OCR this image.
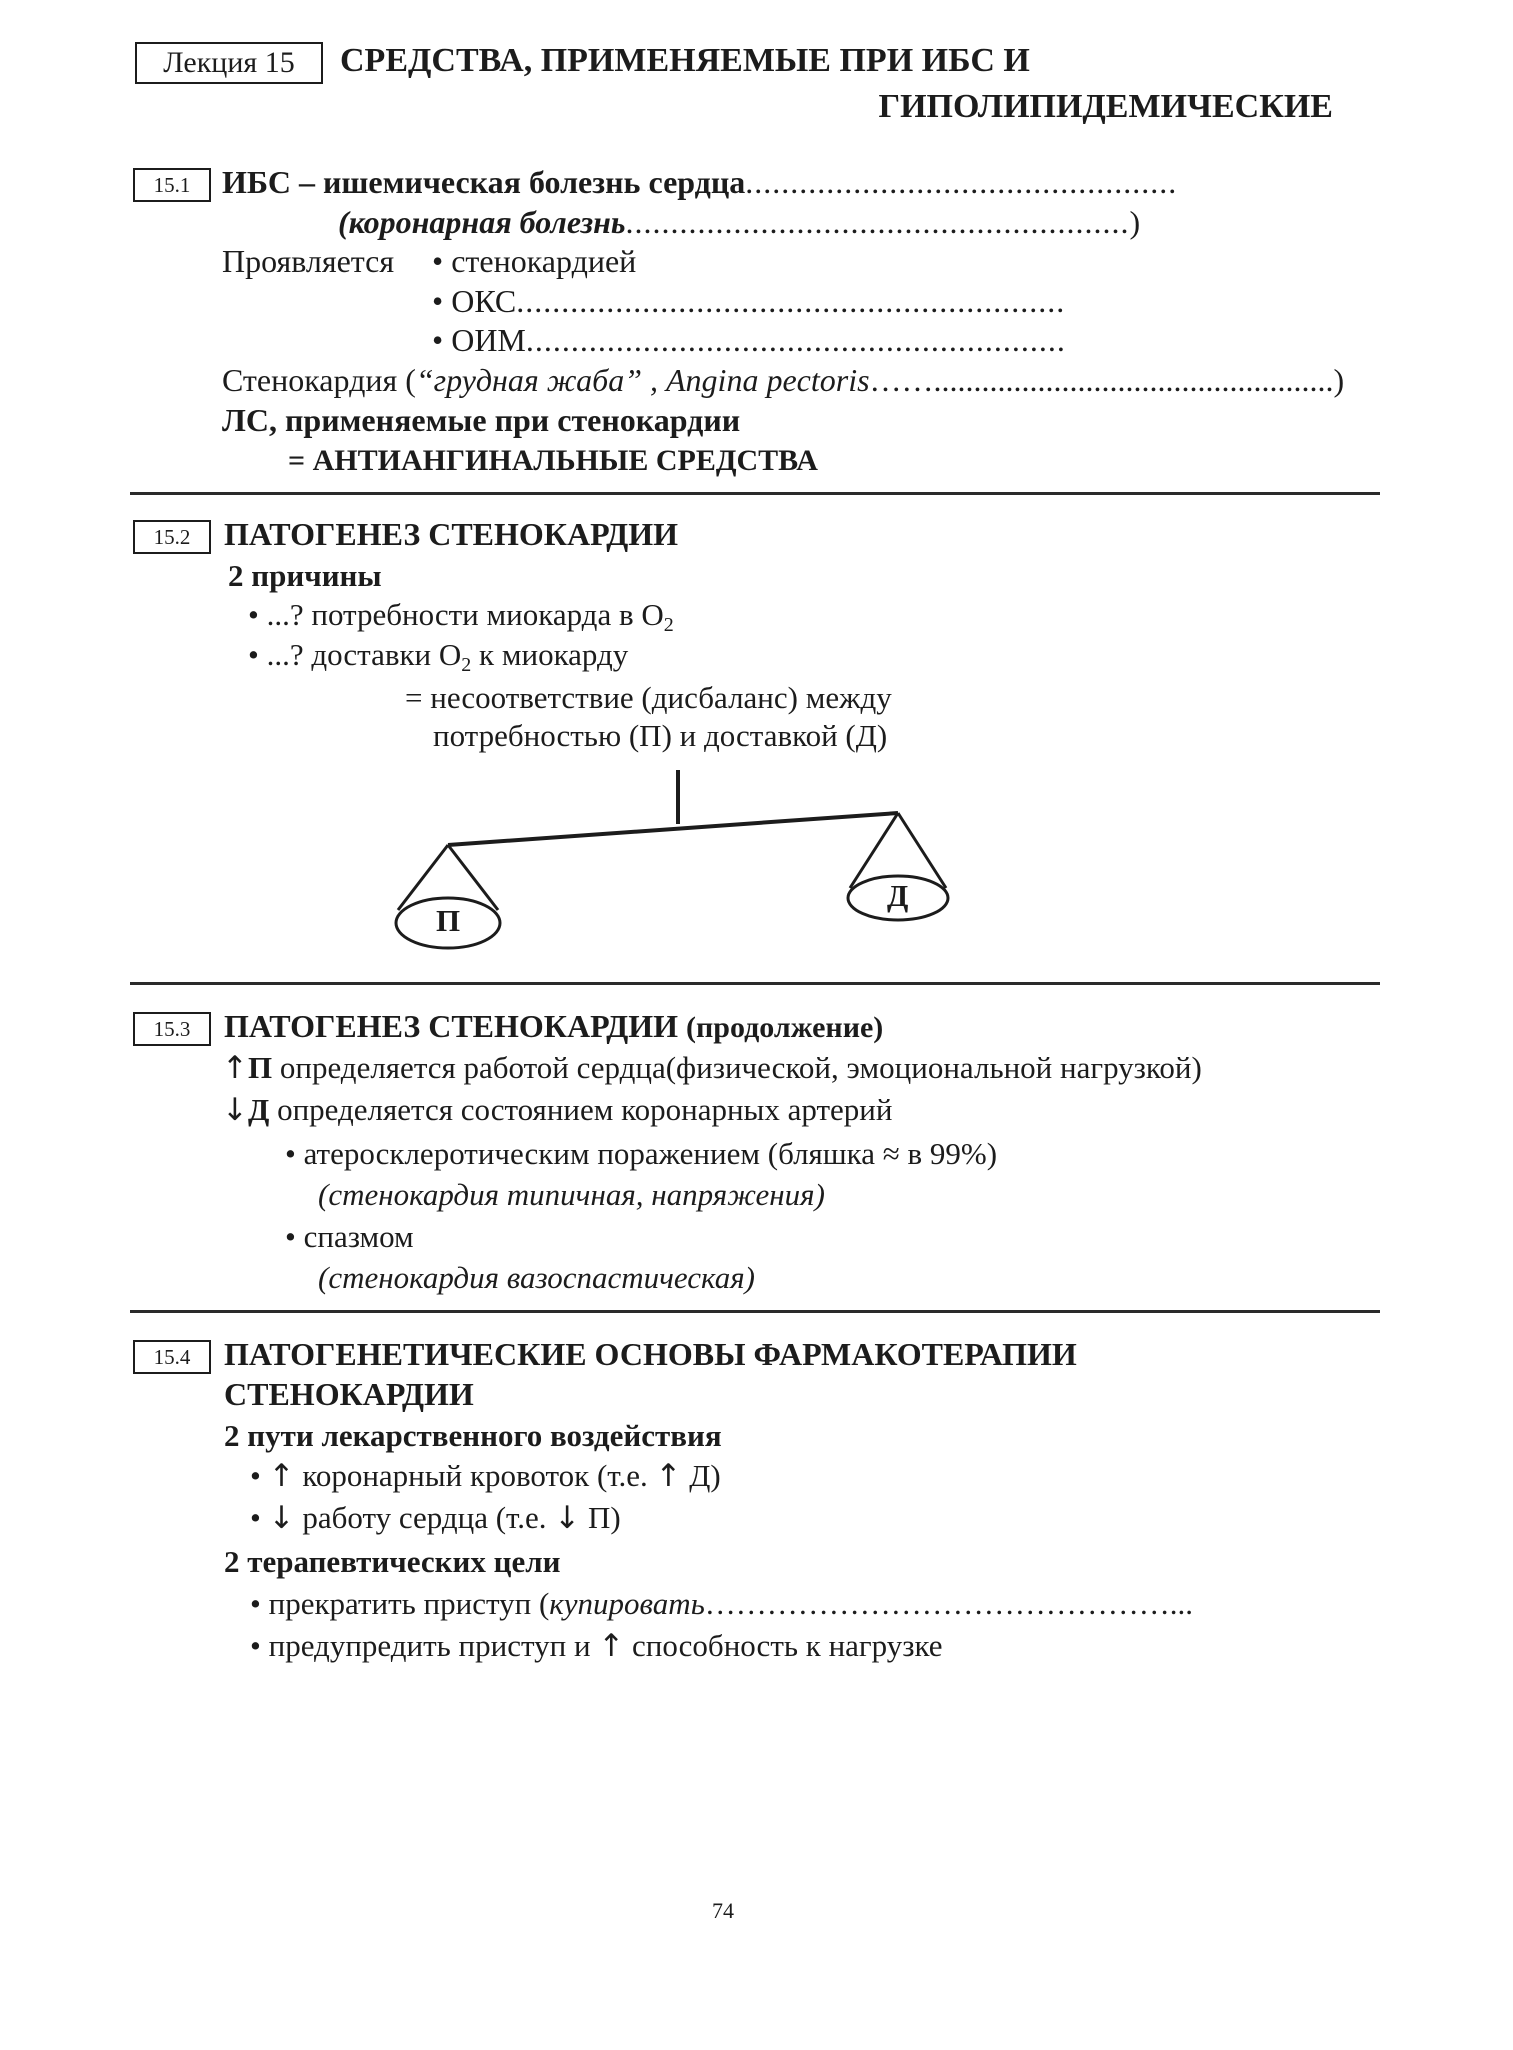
Лекция 15 СРЕДСТВА, ПРИМЕНЯЕМЫЕ ПРИ ИБС И
ГИПОЛИПИДЕМИЧЕСКИЕ
15.1 ИБС – ишемическая болезнь сердца................................................
(коронарная болезнь........................................................)
Проявляется • стенокардией
• ОКС.............................................................
• ОИМ............................................................
Стенокардия (“грудная жаба” , Angina pectoris……..................................................)
ЛС, применяемые при стенокардии
= АНТИАНГИНАЛЬНЫЕ СРЕДСТВА
15.2 ПАТОГЕНЕЗ СТЕНОКАРДИИ
2 причины
• ...? потребности миокарда в $O_2$
• ...? доставки $O_2$ к миокарду
= несоответствие (дисбаланс) между
потребностью (П) и доставкой (Д)
П
Д
15.3 ПАТОГЕНЕЗ СТЕНОКАРДИИ (продолжение)
↑П определяется работой сердца(физической, эмоциональной нагрузкой)
↓Д определяется состоянием коронарных артерий
• атеросклеротическим поражением (бляшка ≈ в 99%)
(стенокардия типичная, напряжения)
• спазмом
(стенокардия вазоспастическая)
15.4 ПАТОГЕНЕТИЧЕСКИЕ ОСНОВЫ ФАРМАКОТЕРАПИИ
СТЕНОКАРДИИ
2 пути лекарственного воздействия
• ↑ коронарный кровоток (т.е. ↑ Д)
• ↓ работу сердца (т.е. ↓ П)
2 терапевтических цели
• прекратить приступ (купировать………………………………………...
• предупредить приступ и ↑ способность к нагрузке
74
